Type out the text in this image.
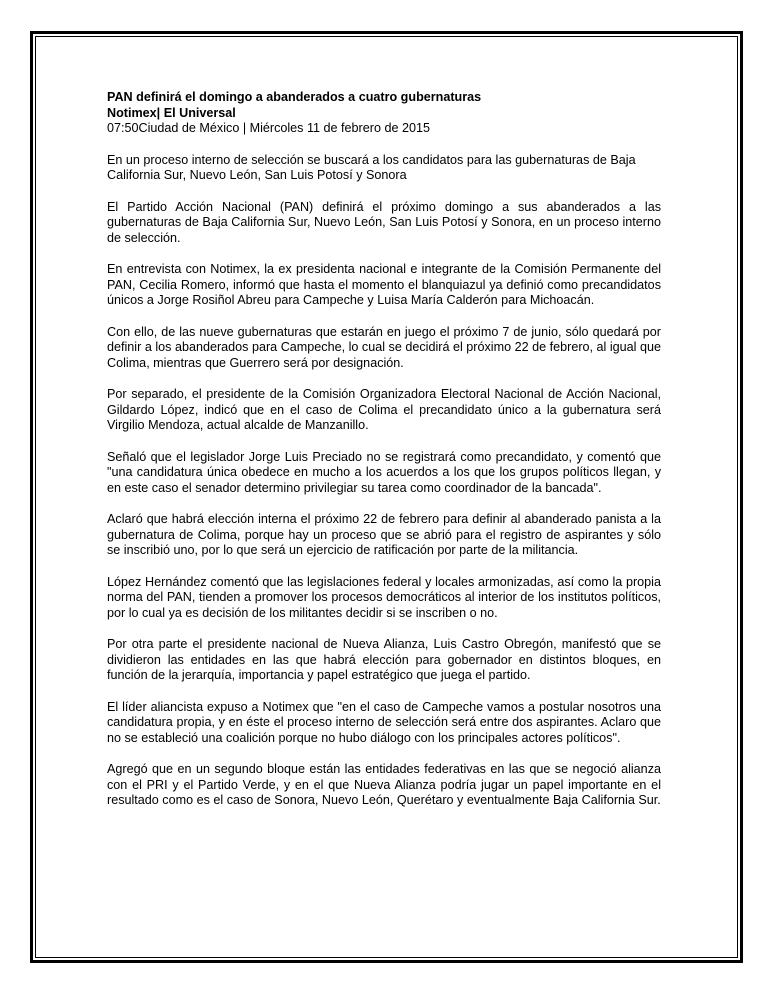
PAN definirá el domingo a abanderados a cuatro gubernaturas

Notimex| El Universal

07:50Ciudad de México | Miércoles 11 de febrero de 2015

En un proceso interno de selección se buscará a los candidatos para las gubernaturas de Baja California Sur, Nuevo León, San Luis Potosí y Sonora

El Partido Acción Nacional (PAN) definirá el próximo domingo a sus abanderados a las gubernaturas de Baja California Sur, Nuevo León, San Luis Potosí y Sonora, en un proceso interno de selección.

En entrevista con Notimex, la ex presidenta nacional e integrante de la Comisión Permanente del PAN, Cecilia Romero, informó que hasta el momento el blanquiazul ya definió como precandidatos únicos a Jorge Rosiñol Abreu para Campeche y Luisa María Calderón para Michoacán.

Con ello, de las nueve gubernaturas que estarán en juego el próximo 7 de junio, sólo quedará por definir a los abanderados para Campeche, lo cual se decidirá el próximo 22 de febrero, al igual que Colima, mientras que Guerrero será por designación.

Por separado, el presidente de la Comisión Organizadora Electoral Nacional de Acción Nacional, Gildardo López, indicó que en el caso de Colima el precandidato único a la gubernatura será Virgilio Mendoza, actual alcalde de Manzanillo.

Señaló que el legislador Jorge Luis Preciado no se registrará como precandidato, y comentó que "una candidatura única obedece en mucho a los acuerdos a los que los grupos políticos llegan, y en este caso el senador determino privilegiar su tarea como coordinador de la bancada".

Aclaró que habrá elección interna el próximo 22 de febrero para definir al abanderado panista a la gubernatura de Colima, porque hay un proceso que se abrió para el registro de aspirantes y sólo se inscribió uno, por lo que será un ejercicio de ratificación por parte de la militancia.

López Hernández comentó que las legislaciones federal y locales armonizadas, así como la propia norma del PAN, tienden a promover los procesos democráticos al interior de los institutos políticos, por lo cual ya es decisión de los militantes decidir si se inscriben o no.

Por otra parte el presidente nacional de Nueva Alianza, Luis Castro Obregón, manifestó que se dividieron las entidades en las que habrá elección para gobernador en distintos bloques, en función de la jerarquía, importancia y papel estratégico que juega el partido.

El líder aliancista expuso a Notimex que "en el caso de Campeche vamos a postular nosotros una candidatura propia, y en éste el proceso interno de selección será entre dos aspirantes. Aclaro que no se estableció una coalición porque no hubo diálogo con los principales actores políticos".

Agregó que en un segundo bloque están las entidades federativas en las que se negoció alianza con el PRI y el Partido Verde, y en el que Nueva Alianza podría jugar un papel importante en el resultado como es el caso de Sonora, Nuevo León, Querétaro y eventualmente Baja California Sur.
